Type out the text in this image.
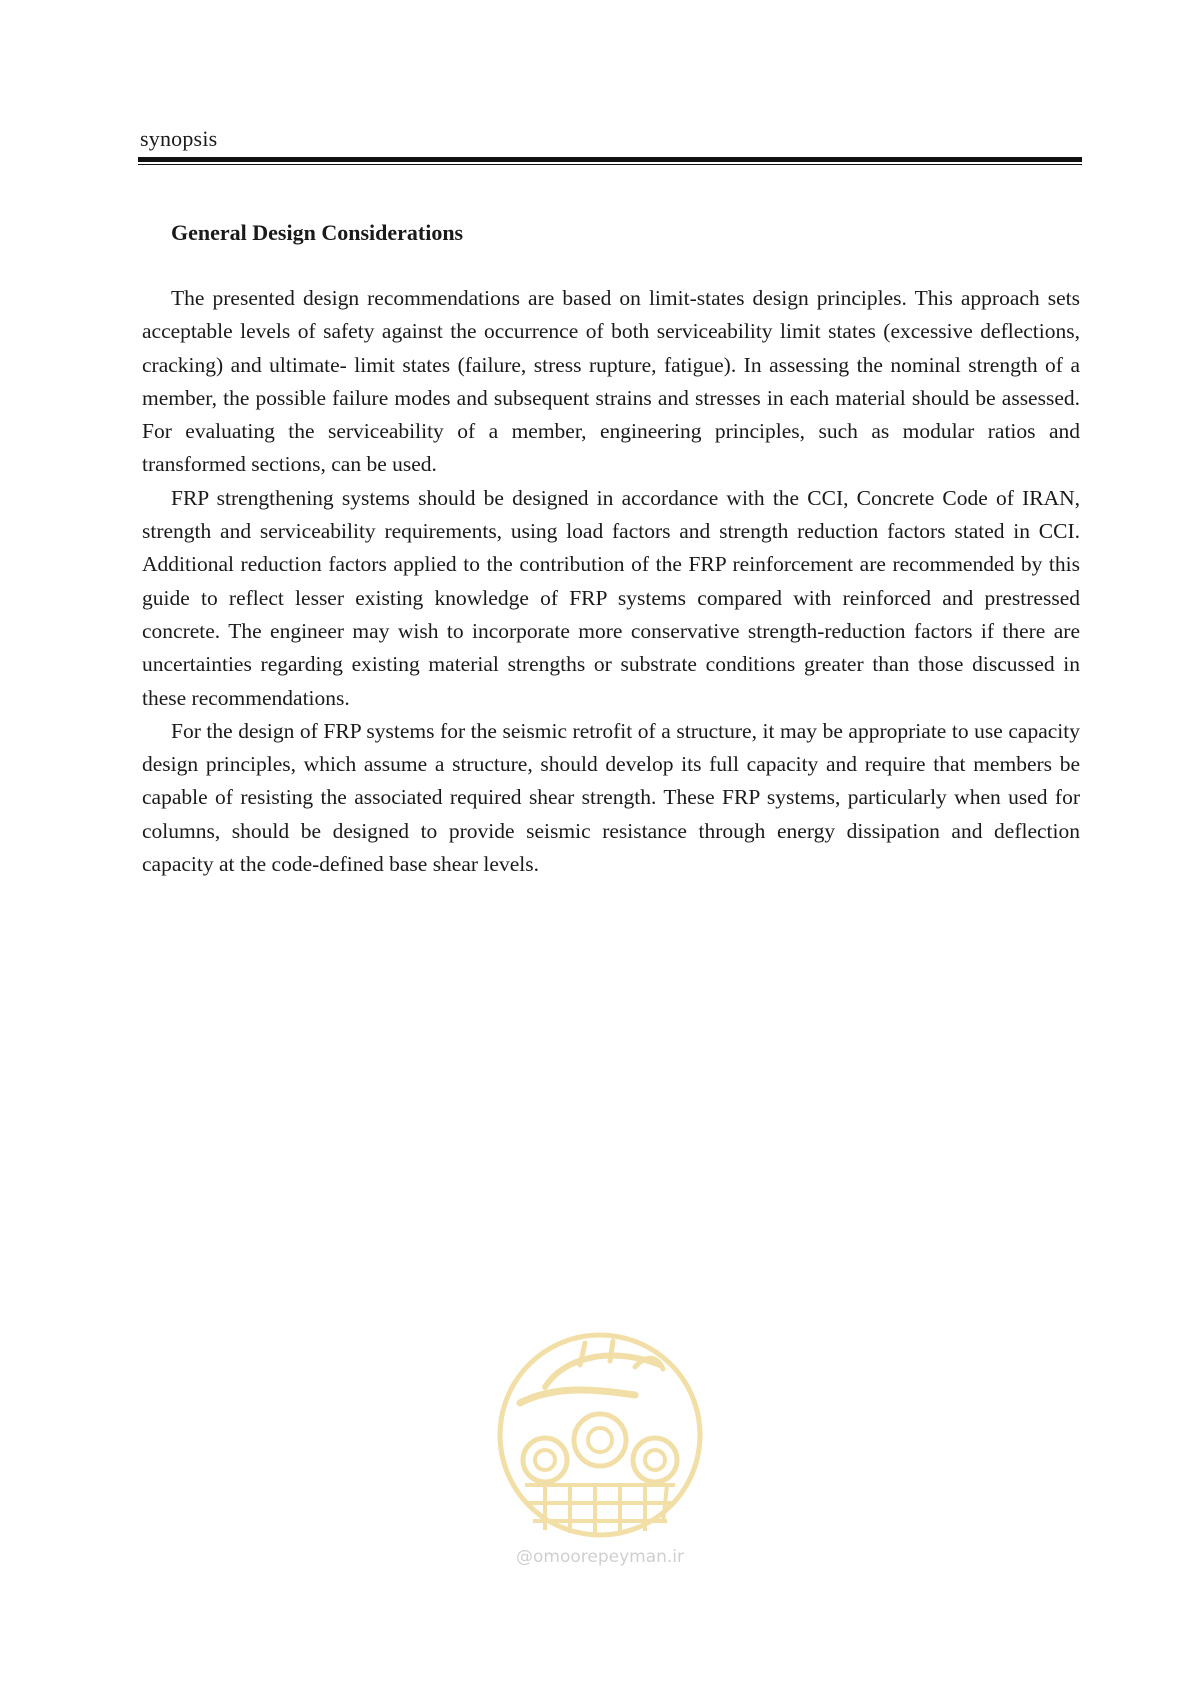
synopsis
General Design Considerations

The presented design recommendations are based on limit-states design principles. This approach sets acceptable levels of safety against the occurrence of both serviceability limit states (excessive deflections, cracking) and ultimate- limit states (failure, stress rupture, fatigue). In assessing the nominal strength of a member, the possible failure modes and subsequent strains and stresses in each material should be assessed. For evaluating the serviceability of a member, engineering principles, such as modular ratios and transformed sections, can be used.

FRP strengthening systems should be designed in accordance with the CCI, Concrete Code of IRAN, strength and serviceability requirements, using load factors and strength reduction factors stated in CCI. Additional reduction factors applied to the contribution of the FRP reinforcement are recommended by this guide to reflect lesser existing knowledge of FRP systems compared with reinforced and prestressed concrete. The engineer may wish to incorporate more conservative strength-reduction factors if there are uncertainties regarding existing material strengths or substrate conditions greater than those discussed in these recommendations.

For the design of FRP systems for the seismic retrofit of a structure, it may be appropriate to use capacity design principles, which assume a structure, should develop its full capacity and require that members be capable of resisting the associated required shear strength. These FRP systems, particularly when used for columns, should be designed to provide seismic resistance through energy dissipation and deflection capacity at the code-defined base shear levels.

@omoorepeyman.ir
